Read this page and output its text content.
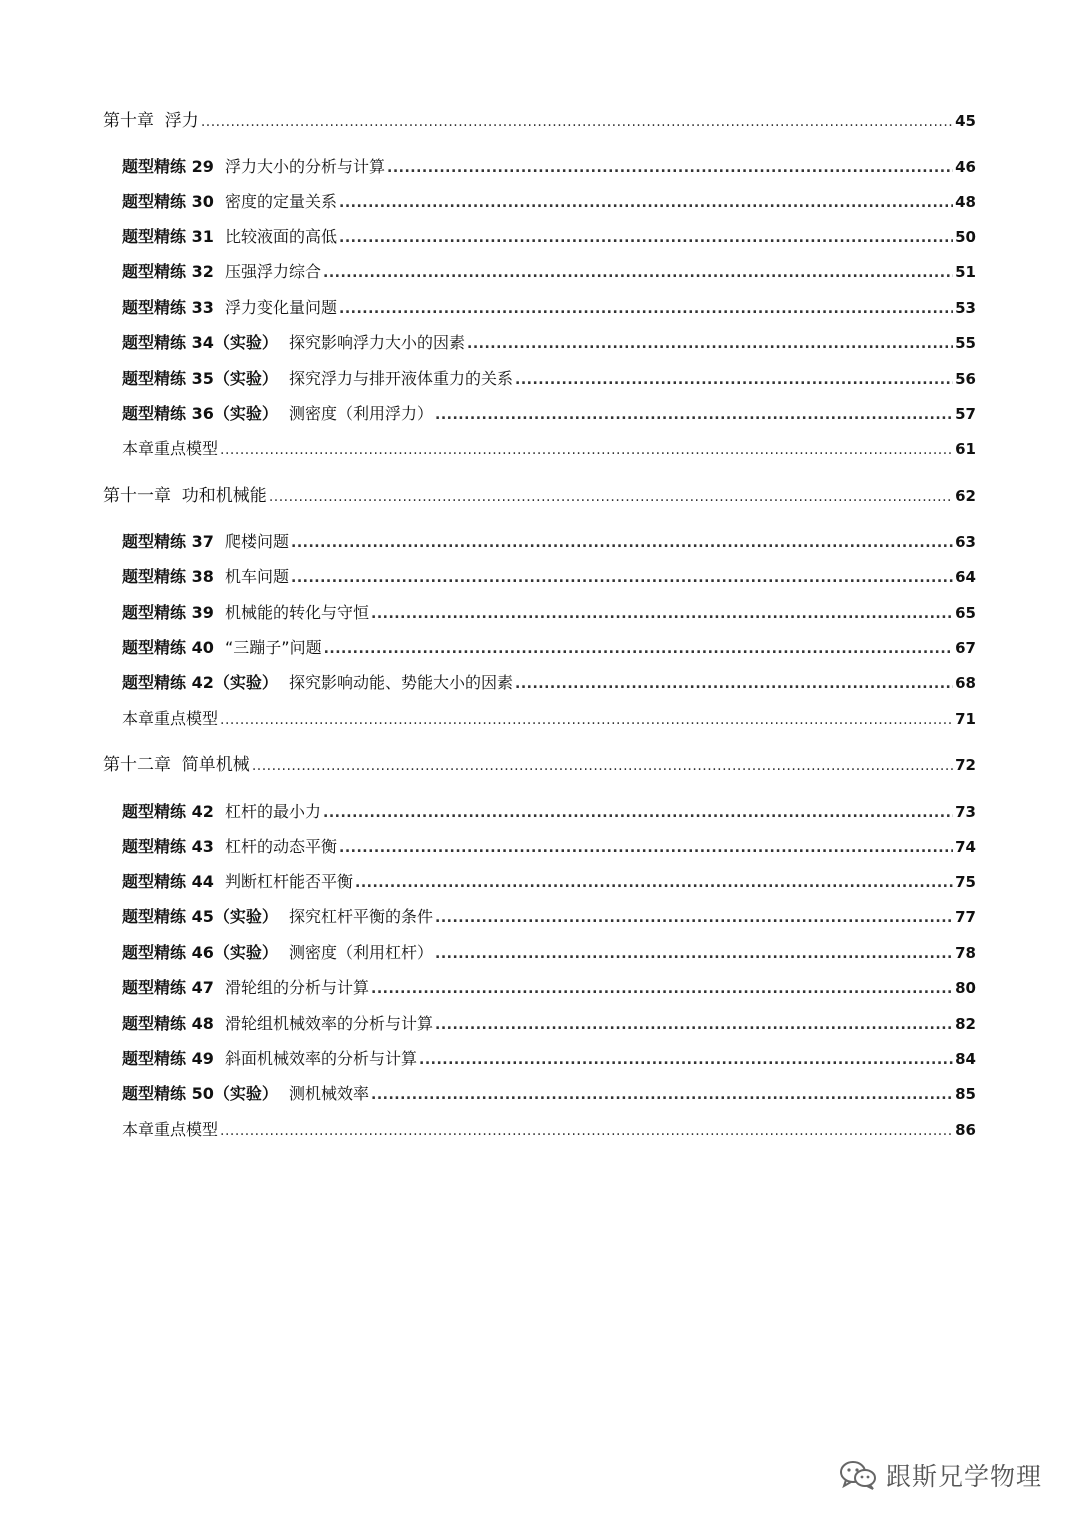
第十章  浮力 .....	45
题型精练 29 浮力大小的分析与计算 .....	46
题型精练 30 密度的定量关系 .....	48
题型精练 31 比较液面的高低 .....	50
题型精练 32 压强浮力综合 .....	51
题型精练 33 浮力变化量问题 .....	53
题型精练 34（实验） 探究影响浮力大小的因素 .....	55
题型精练 35（实验） 探究浮力与排开液体重力的关系 .....	56
题型精练 36（实验） 测密度（利用浮力） .....	57
本章重点模型 .....	61
第十一章  功和机械能 .....	62
题型精练 37 爬楼问题 .....	63
题型精练 38 机车问题 .....	64
题型精练 39 机械能的转化与守恒 .....	65
题型精练 40 “三蹦子”问题 .....	67
题型精练 42（实验） 探究影响动能、势能大小的因素 .....	68
本章重点模型 .....	71
第十二章  简单机械 .....	72
题型精练 42 杠杆的最小力 .....	73
题型精练 43 杠杆的动态平衡 .....	74
题型精练 44 判断杠杆能否平衡 .....	75
题型精练 45（实验） 探究杠杆平衡的条件 .....	77
题型精练 46（实验） 测密度（利用杠杆） .....	78
题型精练 47 滑轮组的分析与计算 .....	80
题型精练 48 滑轮组机械效率的分析与计算 .....	82
题型精练 49 斜面机械效率的分析与计算 .....	84
题型精练 50（实验） 测机械效率 .....	85
本章重点模型 .....	86
跟斯兄学物理
